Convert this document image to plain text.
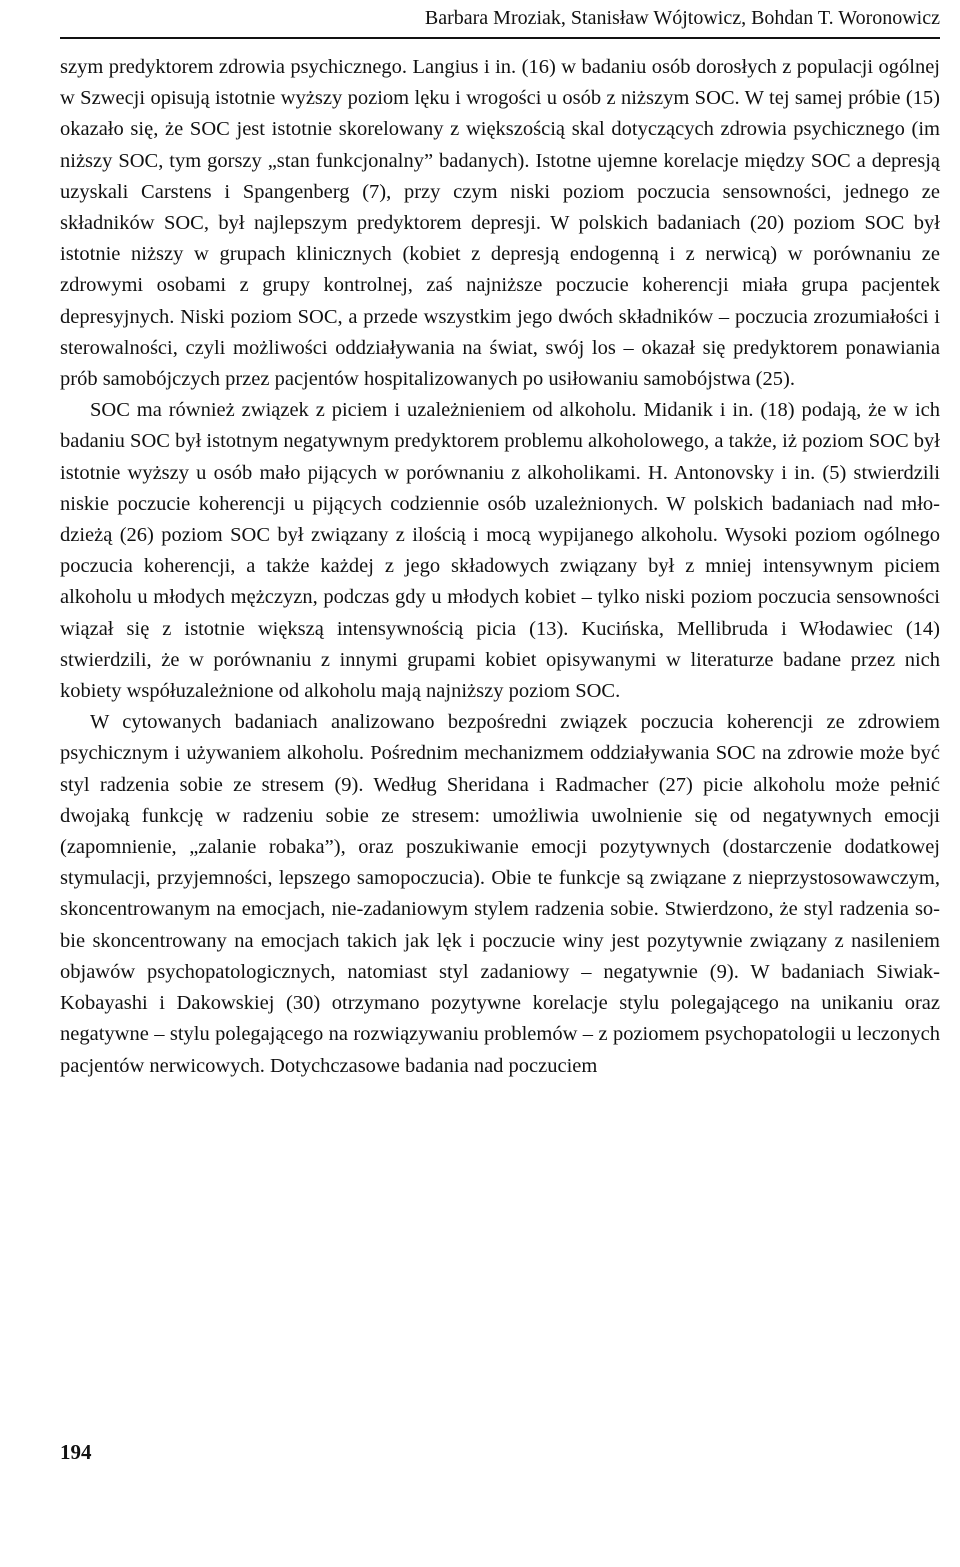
Barbara Mroziak, Stanisław Wójtowicz, Bohdan T. Woronowicz

szym predyktorem zdrowia psychicznego. Langius i in. (16) w badaniu osób dorosłych z populacji ogólnej w Szwecji opisują istotnie wyższy poziom lęku i wrogości u osób z niższym SOC. W tej samej próbie (15) okazało się, że SOC jest istotnie skorelowany z większością skal dotyczących zdrowia psychicznego (im niższy SOC, tym gorszy „stan funkcjonalny” badanych). Istotne ujemne korelacje między SOC a depresją uzyskali Carstens i Spangenberg (7), przy czym niski poziom poczucia sensowności, jednego ze składników SOC, był najlepszym predyktorem depresji. W polskich badaniach (20) poziom SOC był istotnie niższy w grupach klinicznych (kobiet z depresją endogenną i z nerwicą) w porównaniu ze zdrowymi osobami z grupy kontrolnej, zaś najniższe poczucie koherencji miała grupa pacjentek depresyjnych. Niski poziom SOC, a przede wszystkim jego dwóch składników – poczucia zrozumiałości i sterowalności, czyli możliwości oddziaływania na świat, swój los – okazał się predyktorem ponawiania prób samobójczych przez pacjentów hospitalizowanych po usiłowaniu samobójstwa (25).

SOC ma również związek z piciem i uzależnieniem od alkoholu. Midanik i in. (18) podają, że w ich badaniu SOC był istotnym negatywnym predyktorem problemu alkoholowego, a także, iż poziom SOC był istotnie wyższy u osób mało pijących w porównaniu z alkoholikami. H. Antonovsky i in. (5) stwierdzili niskie poczucie koherencji u pijących codziennie osób uzależnionych. W polskich badaniach nad młodzieżą (26) poziom SOC był związany z ilością i mocą wypijanego alkoholu. Wysoki poziom ogólnego poczucia koherencji, a także każdej z jego składowych związany był z mniej intensywnym piciem alkoholu u młodych mężczyzn, podczas gdy u młodych kobiet – tylko niski poziom poczucia sensowności wiązał się z istotnie większą intensywnością picia (13). Kucińska, Mellibruda i Włodawiec (14) stwierdzili, że w porównaniu z innymi grupami kobiet opisywanymi w literaturze badane przez nich kobiety współuzależnione od alkoholu mają najniższy poziom SOC.

W cytowanych badaniach analizowano bezpośredni związek poczucia koherencji ze zdrowiem psychicznym i używaniem alkoholu. Pośrednim mechanizmem oddziaływania SOC na zdrowie może być styl radzenia sobie ze stresem (9). Według Sheridana i Radmacher (27) picie alkoholu może pełnić dwojaką funkcję w radzeniu sobie ze stresem: umożliwia uwolnienie się od negatywnych emocji (zapomnienie, „zalanie robaka”), oraz poszukiwanie emocji pozytywnych (dostarczenie dodatkowej stymulacji, przyjemności, lepszego samopoczucia). Obie te funkcje są związane z nieprzystosowawczym, skoncentrowanym na emocjach, nie-zadaniowym stylem radzenia sobie. Stwierdzono, że styl radzenia sobie skoncentrowany na emocjach takich jak lęk i poczucie winy jest pozytywnie związany z nasileniem objawów psychopatologicznych, natomiast styl zadaniowy – negatywnie (9). W badaniach Siwiak-Kobayashi i Dakowskiej (30) otrzymano pozytywne korelacje stylu polegającego na unikaniu oraz negatywne – stylu polegającego na rozwiązywaniu problemów – z poziomem psychopatologii u leczonych pacjentów nerwicowych. Dotychczasowe badania nad poczuciem

194
